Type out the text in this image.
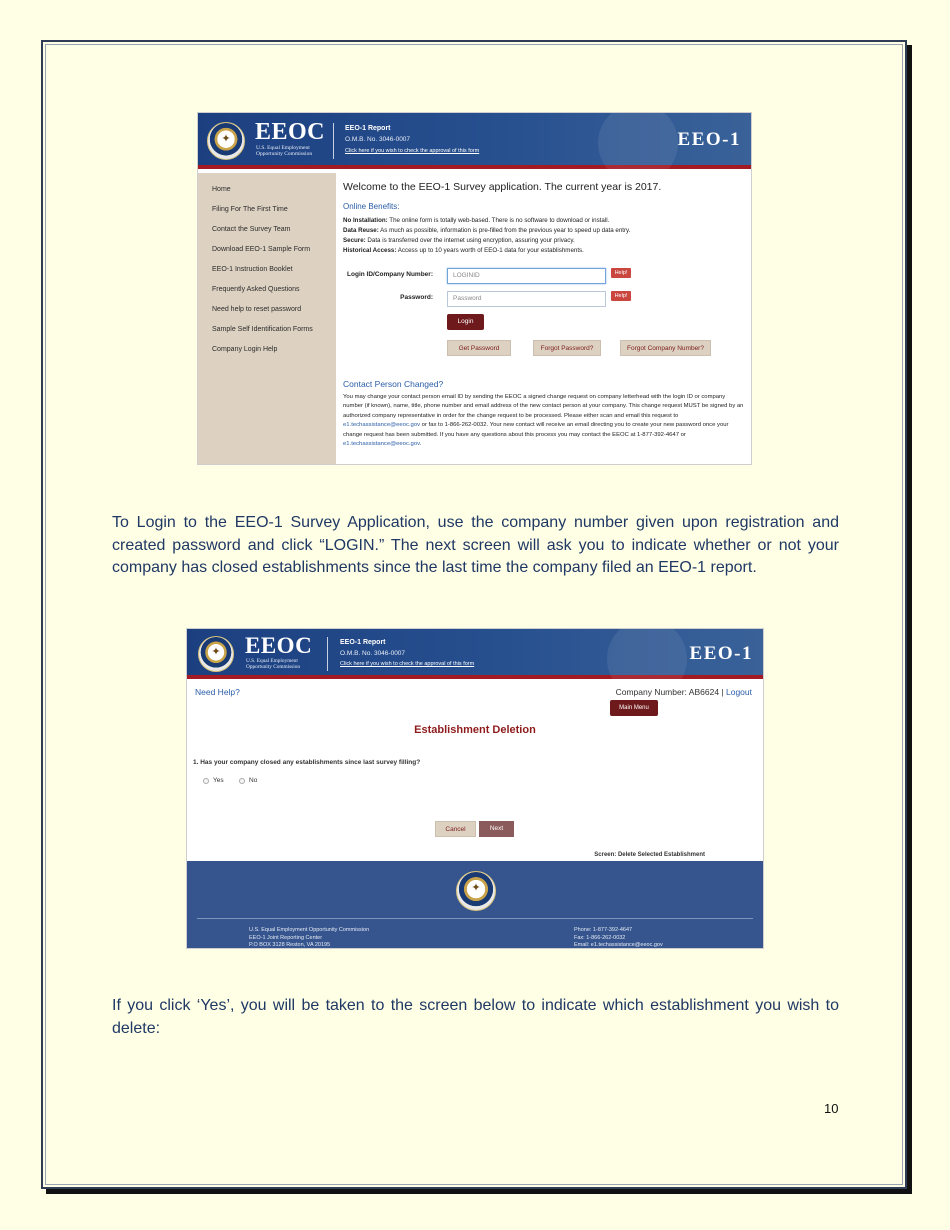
✦
EEOC
U.S. Equal Employment
Opportunity Commission
EEO-1 Report
O.M.B. No. 3046-0007
Click here if you wish to check the approval of this form
EEO-1
Home
Filing For The First Time
Contact the Survey Team
Download EEO-1 Sample Form
EEO-1 Instruction Booklet
Frequently Asked Questions
Need help to reset password
Sample Self Identification Forms
Company Login Help
Welcome to the EEO-1 Survey application. The current year is 2017.
Online Benefits:
No Installation: The online form is totally web-based. There is no software to download or install.
Data Reuse: As much as possible, information is pre-filled from the previous year to speed up data entry.
Secure: Data is transferred over the internet using encryption, assuring your privacy.
Historical Access: Access up to 10 years worth of EEO-1 data for your establishments.
Login ID/Company Number:	LOGINID	Help!
Password:	Password	Help!
Login
Get Password	Forgot Password?	Forgot Company Number?
Contact Person Changed?
You may change your contact person email ID by sending the EEOC a signed change request on company letterhead with the login ID or company number (if known), name, title, phone number and email address of the new contact person at your company. This change request MUST be signed by an authorized company representative in order for the change request to be processed. Please either scan and email this request to e1.techassistance@eeoc.gov or fax to 1-866-262-0032. Your new contact will receive an email directing you to create your new password once your change request has been submitted. If you have any questions about this process you may contact the EEOC at 1-877-392-4647 or e1.techassistance@eeoc.gov.

To Login to the EEO-1 Survey Application, use the company number given upon registration and created password and click “LOGIN.” The next screen will ask you to indicate whether or not your company has closed establishments since the last time the company filed an EEO-1 report.

✦
EEOC
U.S. Equal Employment
Opportunity Commission
EEO-1 Report
O.M.B. No. 3046-0007
Click here if you wish to check the approval of this form	EEO-1
Need Help?	Company Number: AB6624 | Logout
Main Menu
Establishment Deletion
1. Has your company closed any establishments since last survey filling?
Yes	No
Cancel	Next
Screen: Delete Selected Establishment
✦
U.S. Equal Employment Opportunity Commission
EEO-1 Joint Reporting Center
P.O BOX 3128 Reston, VA 20195
Phone: 1-877-392-4647
Fax: 1-866-262-0032
Email: e1.techassistance@eeoc.gov

If you click ‘Yes’, you will be taken to the screen below to indicate which establishment you wish to delete:

10
